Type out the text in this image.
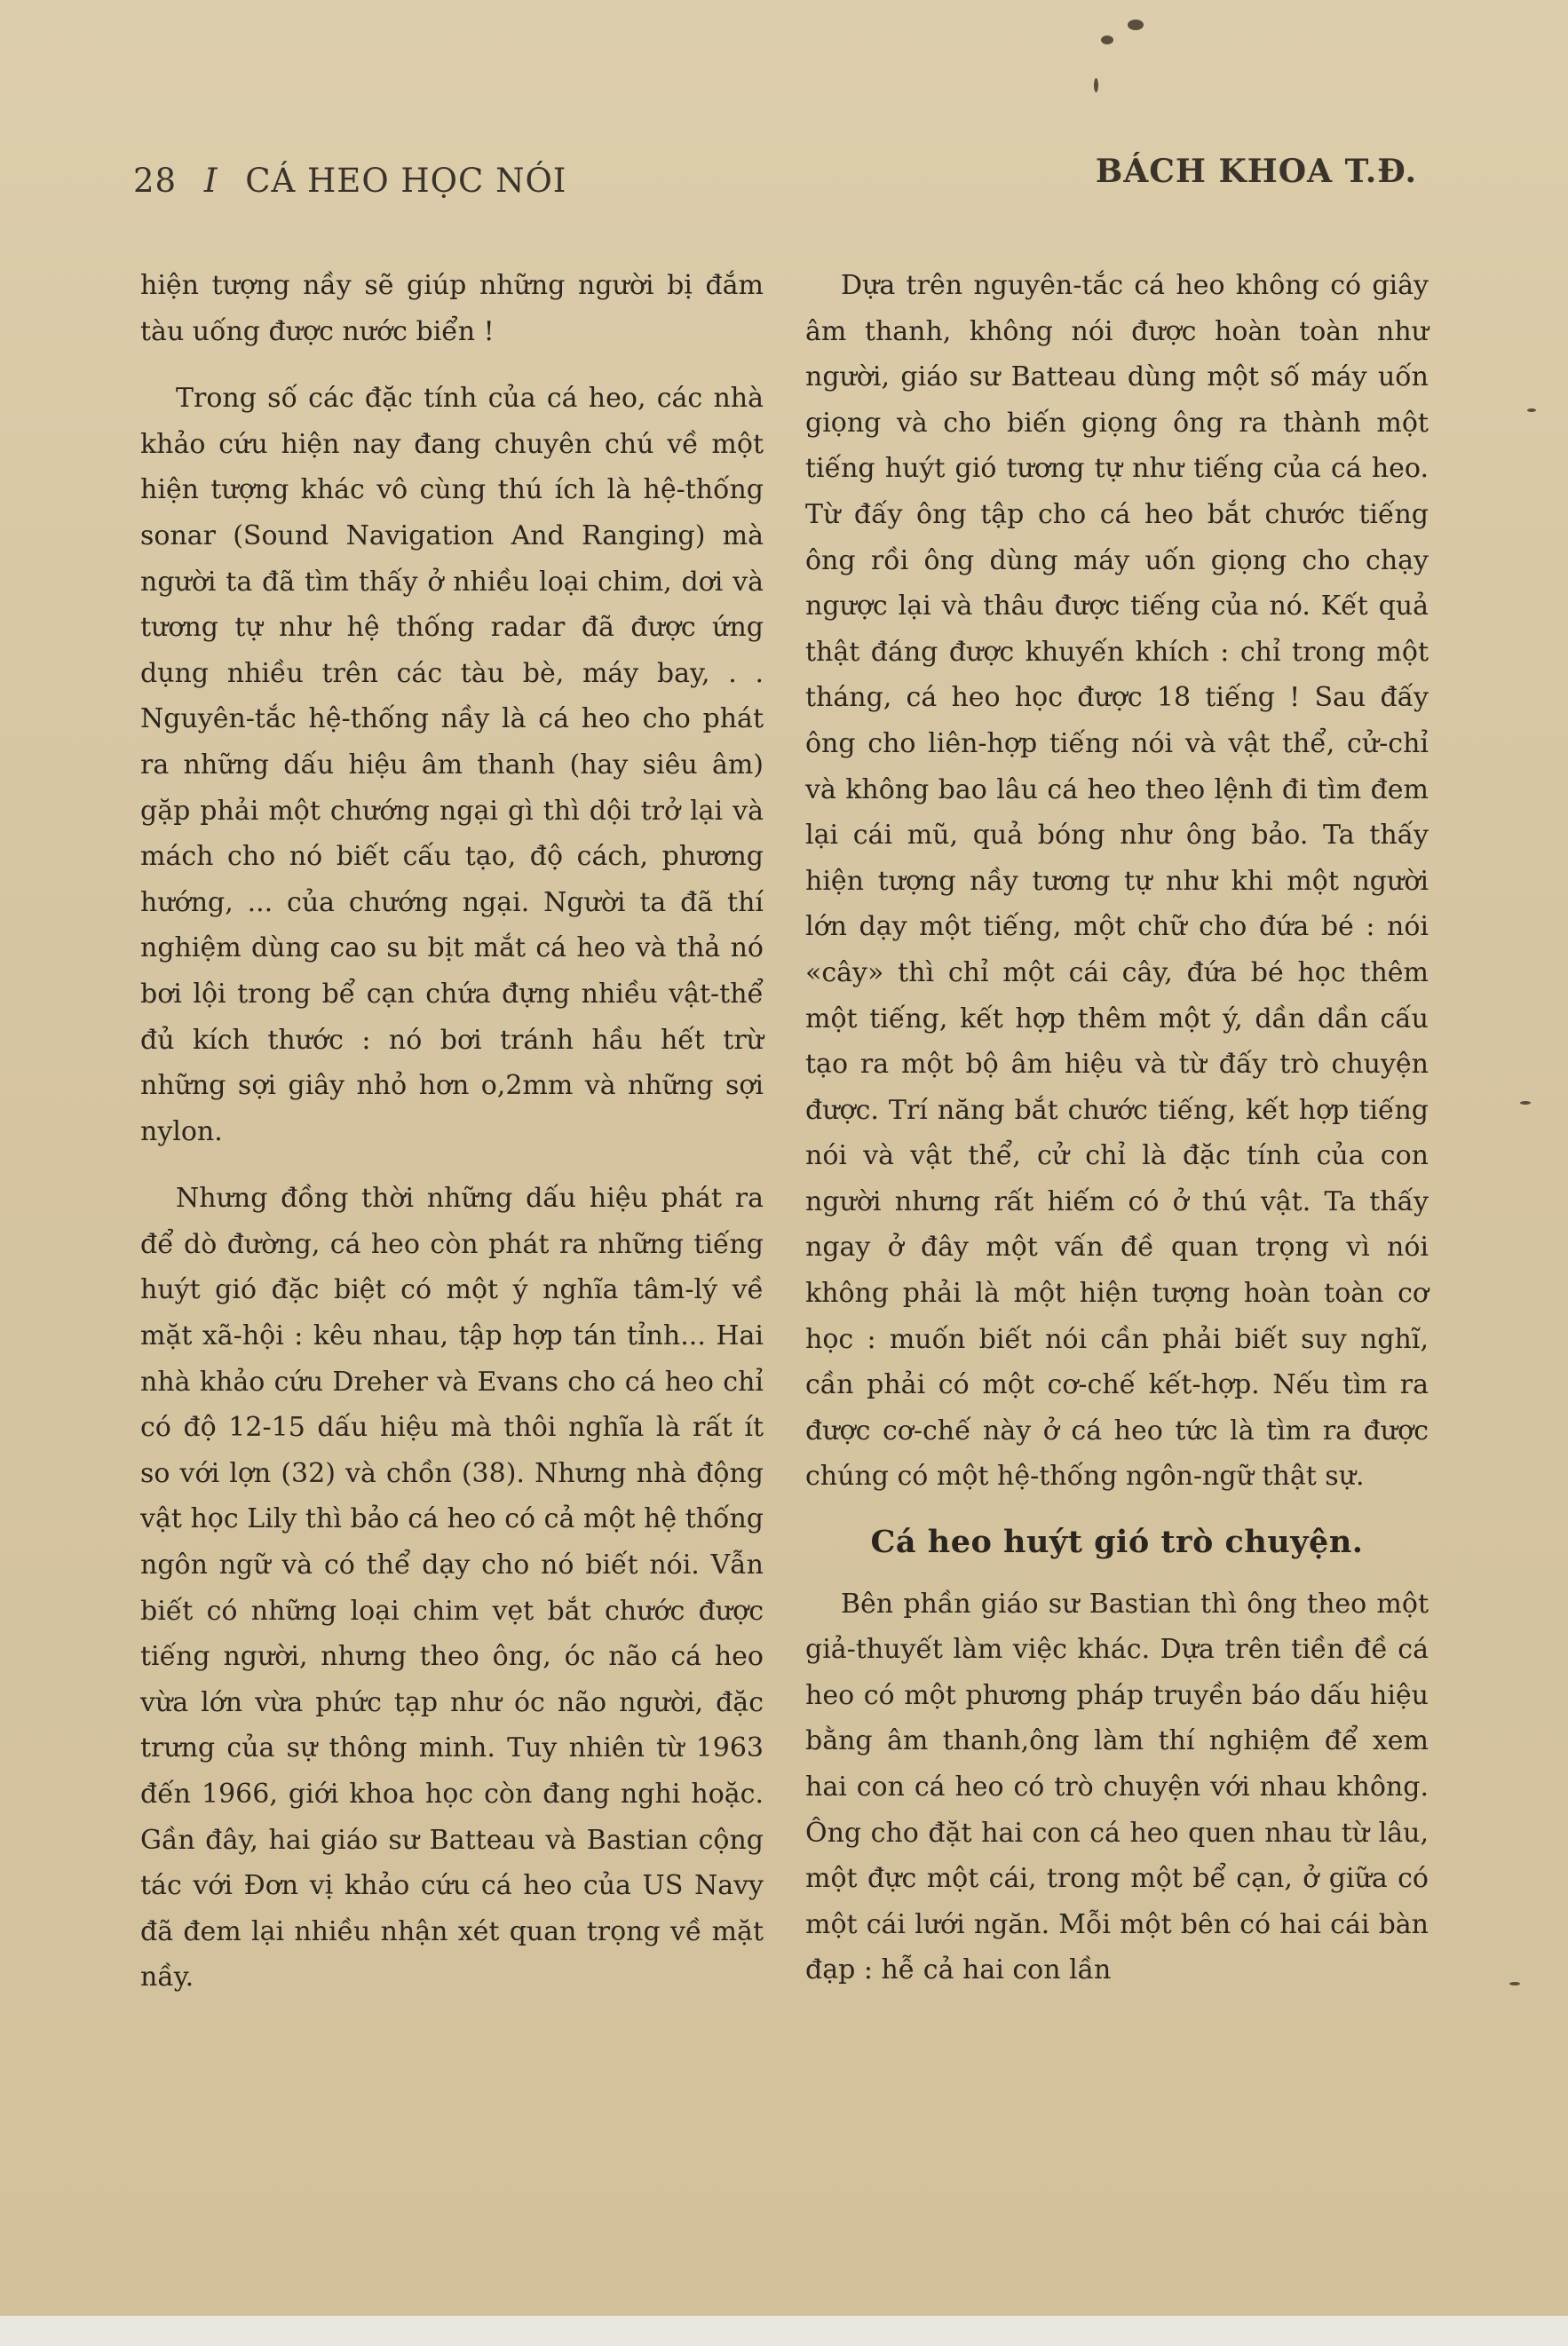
28 I CÁ HEO HỌC NÓI	BÁCH KHOA T.Đ.

hiện tượng nầy sẽ giúp những người bị đắm tàu uống được nước biển !

Trong số các đặc tính của cá heo, các nhà khảo cứu hiện nay đang chuyên chú về một hiện tượng khác vô cùng thú ích là hệ-thống sonar (Sound Navigation And Ranging) mà người ta đã tìm thấy ở nhiều loại chim, dơi và tương tự như hệ thống radar đã được ứng dụng nhiều trên các tàu bè, máy bay, . . Nguyên-tắc hệ-thống nầy là cá heo cho phát ra những dấu hiệu âm thanh (hay siêu âm) gặp phải một chướng ngại gì thì dội trở lại và mách cho nó biết cấu tạo, độ cách, phương hướng, ... của chướng ngại. Người ta đã thí nghiệm dùng cao su bịt mắt cá heo và thả nó bơi lội trong bể cạn chứa đựng nhiều vật-thể đủ kích thước : nó bơi tránh hầu hết trừ những sợi giây nhỏ hơn o,2mm và những sợi nylon.

Nhưng đồng thời những dấu hiệu phát ra để dò đường, cá heo còn phát ra những tiếng huýt gió đặc biệt có một ý nghĩa tâm-lý về mặt xã-hội : kêu nhau, tập hợp tán tỉnh... Hai nhà khảo cứu Dreher và Evans cho cá heo chỉ có độ 12-15 dấu hiệu mà thôi nghĩa là rất ít so với lợn (32) và chồn (38). Nhưng nhà động vật học Lily thì bảo cá heo có cả một hệ thống ngôn ngữ và có thể dạy cho nó biết nói. Vẫn biết có những loại chim vẹt bắt chước được tiếng người, nhưng theo ông, óc não cá heo vừa lớn vừa phức tạp như óc não người, đặc trưng của sự thông minh. Tuy nhiên từ 1963 đến 1966, giới khoa học còn đang nghi hoặc. Gần đây, hai giáo sư Batteau và Bastian cộng tác với Đơn vị khảo cứu cá heo của US Navy đã đem lại nhiều nhận xét quan trọng về mặt nầy.

Dựa trên nguyên-tắc cá heo không có giây âm thanh, không nói được hoàn toàn như người, giáo sư Batteau dùng một số máy uốn giọng và cho biến giọng ông ra thành một tiếng huýt gió tương tự như tiếng của cá heo. Từ đấy ông tập cho cá heo bắt chước tiếng ông rồi ông dùng máy uốn giọng cho chạy ngược lại và thâu được tiếng của nó. Kết quả thật đáng được khuyến khích : chỉ trong một tháng, cá heo học được 18 tiếng ! Sau đấy ông cho liên-hợp tiếng nói và vật thể, cử-chỉ và không bao lâu cá heo theo lệnh đi tìm đem lại cái mũ, quả bóng như ông bảo. Ta thấy hiện tượng nầy tương tự như khi một người lớn dạy một tiếng, một chữ cho đứa bé : nói «cây» thì chỉ một cái cây, đứa bé học thêm một tiếng, kết hợp thêm một ý, dần dần cấu tạo ra một bộ âm hiệu và từ đấy trò chuyện được. Trí năng bắt chước tiếng, kết hợp tiếng nói và vật thể, cử chỉ là đặc tính của con người nhưng rất hiếm có ở thú vật. Ta thấy ngay ở đây một vấn đề quan trọng vì nói không phải là một hiện tượng hoàn toàn cơ học : muốn biết nói cần phải biết suy nghĩ, cần phải có một cơ-chế kết-hợp. Nếu tìm ra được cơ-chế này ở cá heo tức là tìm ra được chúng có một hệ-thống ngôn-ngữ thật sự.

Cá heo huýt gió trò chuyện.

Bên phần giáo sư Bastian thì ông theo một giả-thuyết làm việc khác. Dựa trên tiền đề cá heo có một phương pháp truyền báo dấu hiệu bằng âm thanh,ông làm thí nghiệm để xem hai con cá heo có trò chuyện với nhau không. Ông cho đặt hai con cá heo quen nhau từ lâu, một đực một cái, trong một bể cạn, ở giữa có một cái lưới ngăn. Mỗi một bên có hai cái bàn đạp : hễ cả hai con lần
